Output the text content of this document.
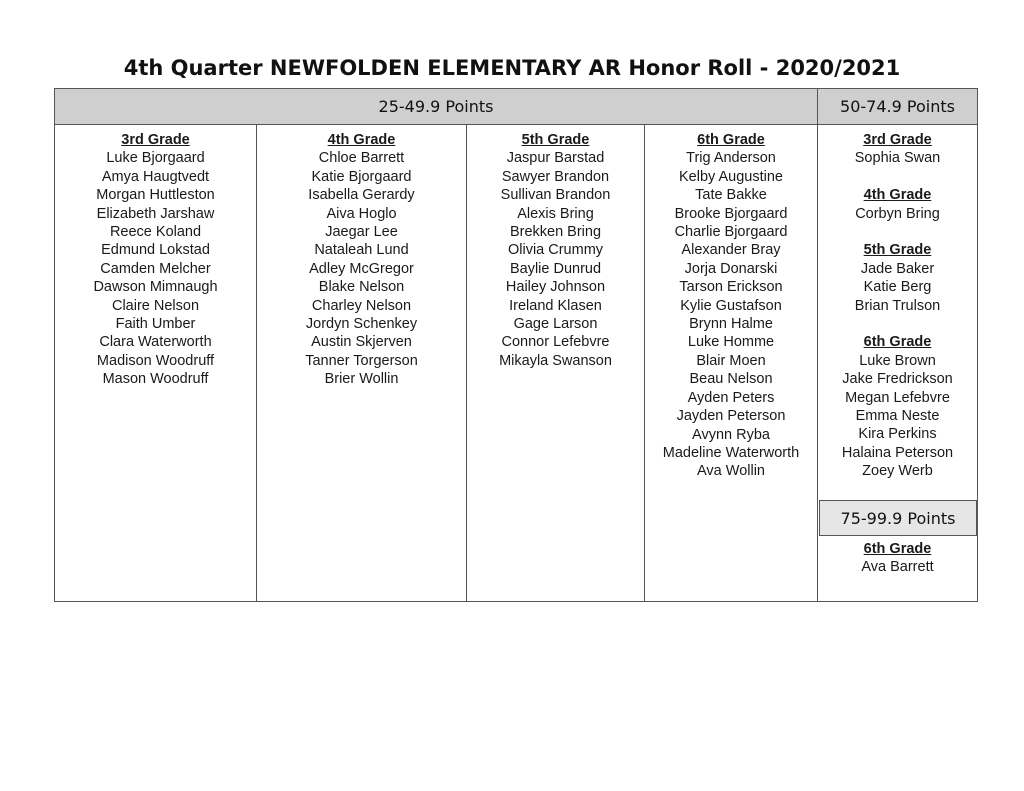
4th Quarter NEWFOLDEN ELEMENTARY AR Honor Roll - 2020/2021
25-49.9 Points	50-74.9 Points
3rd Grade
Luke Bjorgaard
Amya Haugtvedt
Morgan Huttleston
Elizabeth Jarshaw
Reece Koland
Edmund Lokstad
Camden Melcher
Dawson Mimnaugh
Claire Nelson
Faith Umber
Clara Waterworth
Madison Woodruff
Mason Woodruff
4th Grade
Chloe Barrett
Katie Bjorgaard
Isabella Gerardy
Aiva Hoglo
Jaegar Lee
Nataleah Lund
Adley McGregor
Blake Nelson
Charley Nelson
Jordyn Schenkey
Austin Skjerven
Tanner Torgerson
Brier Wollin
5th Grade
Jaspur Barstad
Sawyer Brandon
Sullivan Brandon
Alexis Bring
Brekken Bring
Olivia Crummy
Baylie Dunrud
Hailey Johnson
Ireland Klasen
Gage Larson
Connor Lefebvre
Mikayla Swanson
6th Grade
Trig Anderson
Kelby Augustine
Tate Bakke
Brooke Bjorgaard
Charlie Bjorgaard
Alexander Bray
Jorja Donarski
Tarson Erickson
Kylie Gustafson
Brynn Halme
Luke Homme
Blair Moen
Beau Nelson
Ayden Peters
Jayden Peterson
Avynn Ryba
Madeline Waterworth
Ava Wollin
3rd Grade
Sophia Swan
4th Grade
Corbyn Bring
5th Grade
Jade Baker
Katie Berg
Brian Trulson
6th Grade
Luke Brown
Jake Fredrickson
Megan Lefebvre
Emma Neste
Kira Perkins
Halaina Peterson
Zoey Werb
75-99.9 Points
6th Grade
Ava Barrett
